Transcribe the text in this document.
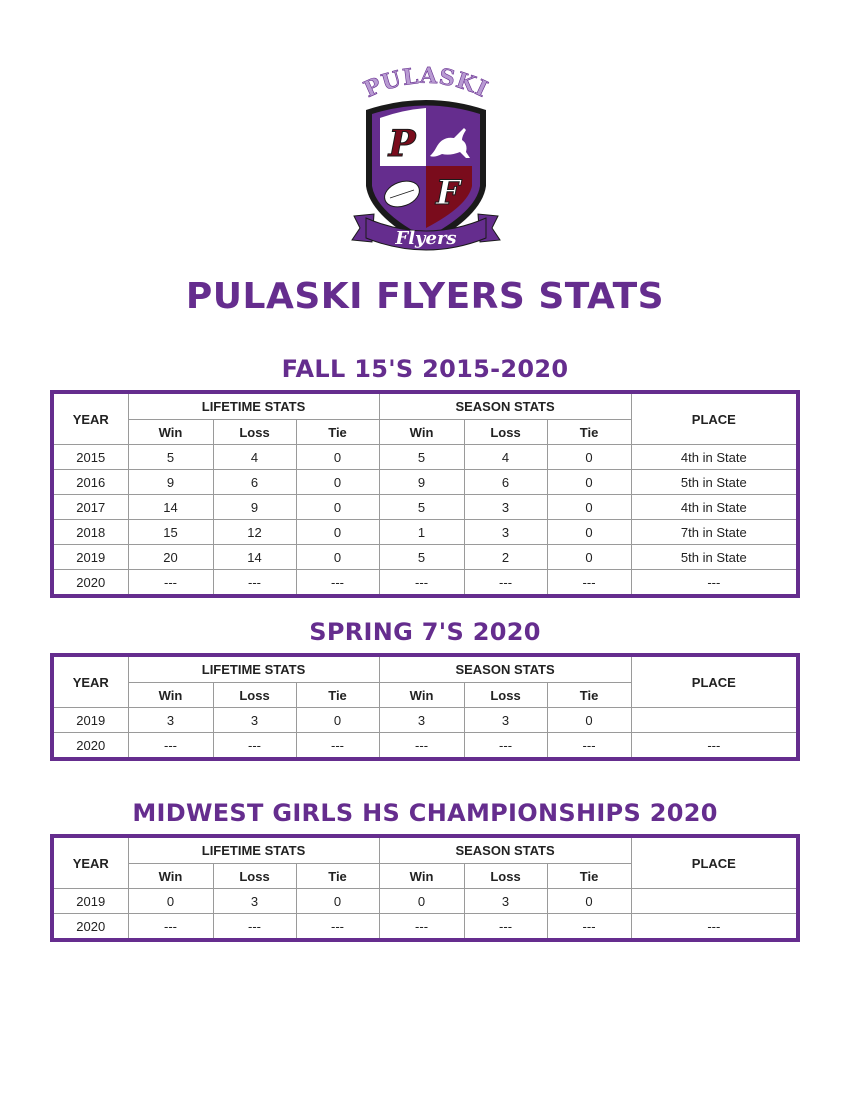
PULASKI
P
F
Flyers
PULASKI FLYERS STATS
FALL 15'S 2015-2020
YEAR	LIFETIME STATS			SEASON STATS			PLACE
	Win	Loss	Tie	Win	Loss	Tie	
2015	5	4	0	5	4	0	4th in State
2016	9	6	0	9	6	0	5th in State
2017	14	9	0	5	3	0	4th in State
2018	15	12	0	1	3	0	7th in State
2019	20	14	0	5	2	0	5th in State
2020	---	---	---	---	---	---	---
SPRING 7'S 2020
YEAR	LIFETIME STATS			SEASON STATS			PLACE
	Win	Loss	Tie	Win	Loss	Tie	
2019	3	3	0	3	3	0	
2020	---	---	---	---	---	---	---
MIDWEST GIRLS HS CHAMPIONSHIPS 2020
YEAR	LIFETIME STATS			SEASON STATS			PLACE
	Win	Loss	Tie	Win	Loss	Tie	
2019	0	3	0	0	3	0	
2020	---	---	---	---	---	---	---
